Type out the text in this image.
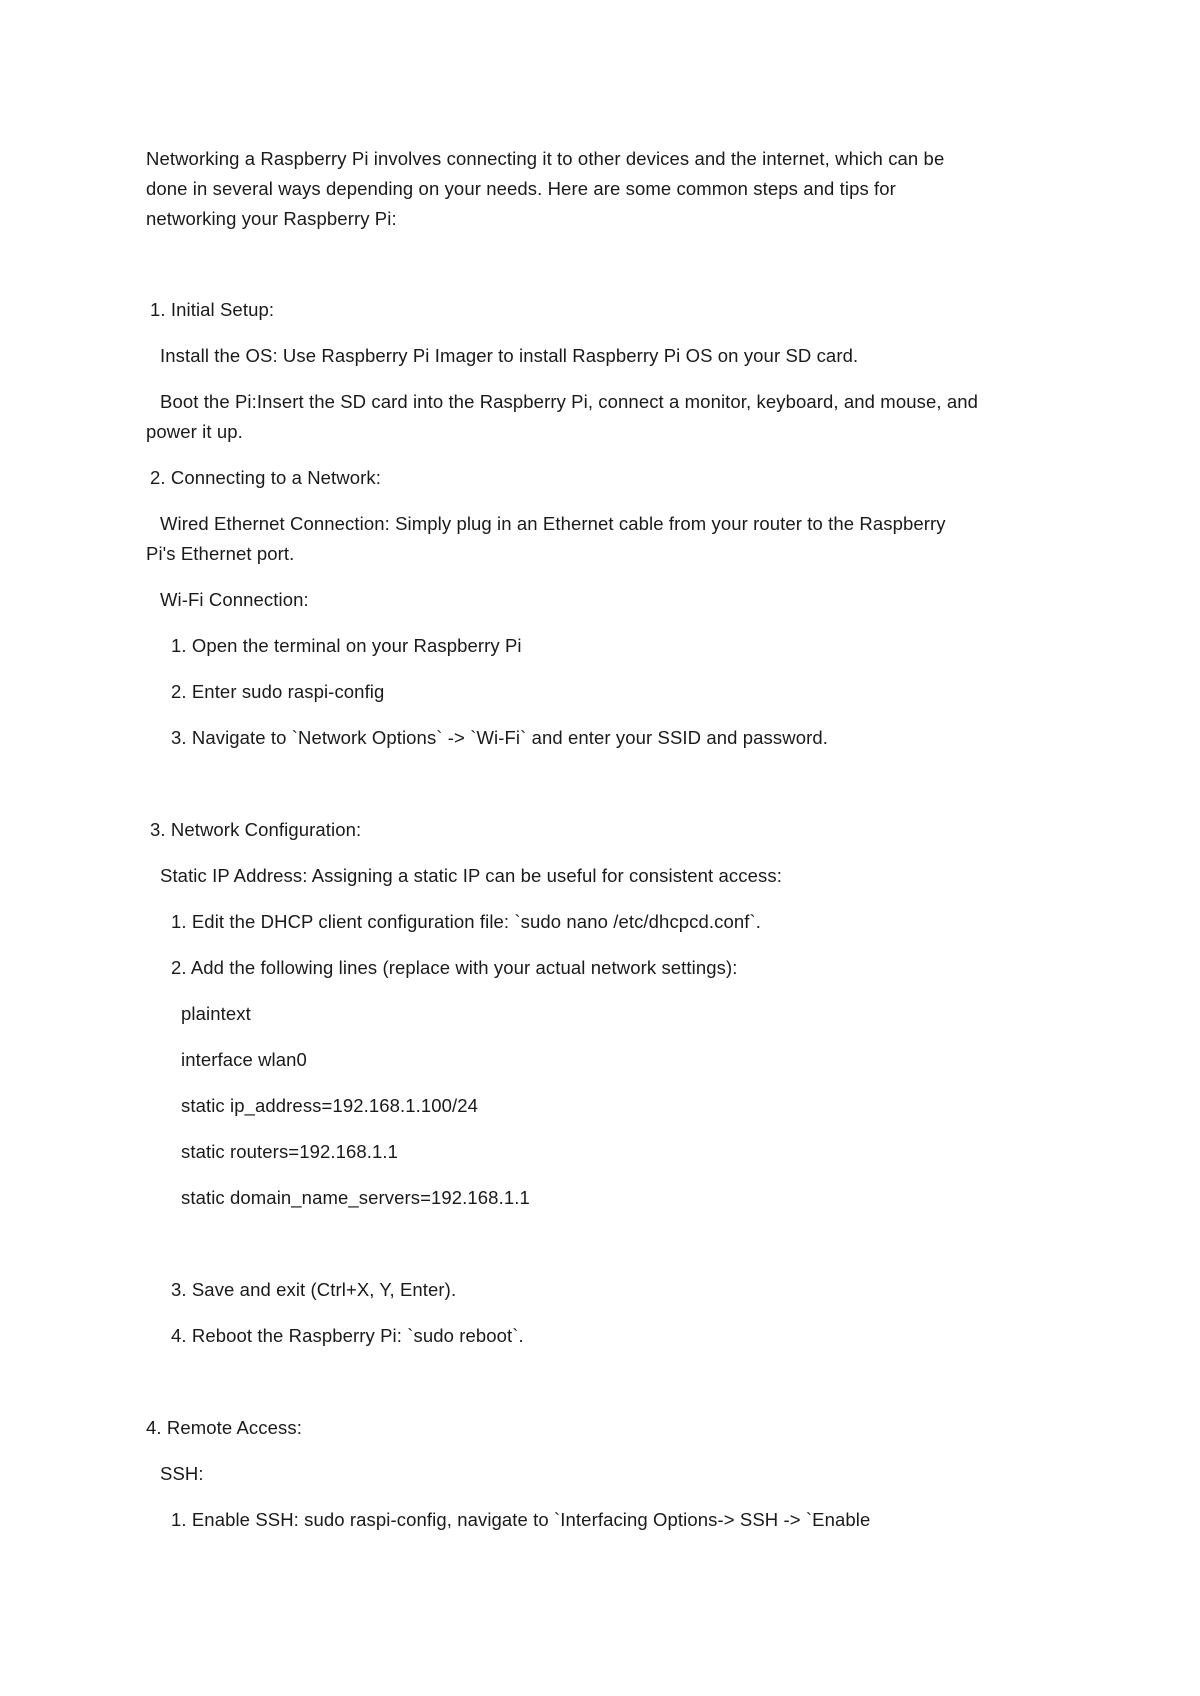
Networking a Raspberry Pi involves connecting it to other devices and the internet, which can be
done in several ways depending on your needs. Here are some common steps and tips for
networking your Raspberry Pi:
1. Initial Setup:
Install the OS: Use Raspberry Pi Imager to install Raspberry Pi OS on your SD card.
Boot the Pi:Insert the SD card into the Raspberry Pi, connect a monitor, keyboard, and mouse, and
power it up.
2. Connecting to a Network:
Wired Ethernet Connection: Simply plug in an Ethernet cable from your router to the Raspberry
Pi's Ethernet port.
Wi-Fi Connection:
1. Open the terminal on your Raspberry Pi
2. Enter sudo raspi-config
3. Navigate to `Network Options` -> `Wi-Fi` and enter your SSID and password.
3. Network Configuration:
Static IP Address: Assigning a static IP can be useful for consistent access:
1. Edit the DHCP client configuration file: `sudo nano /etc/dhcpcd.conf`.
2. Add the following lines (replace with your actual network settings):
plaintext
interface wlan0
static ip_address=192.168.1.100/24
static routers=192.168.1.1
static domain_name_servers=192.168.1.1
3. Save and exit (Ctrl+X, Y, Enter).
4. Reboot the Raspberry Pi: `sudo reboot`.
4. Remote Access:
SSH:
1. Enable SSH: sudo raspi-config, navigate to `Interfacing Options-> SSH -> `Enable
